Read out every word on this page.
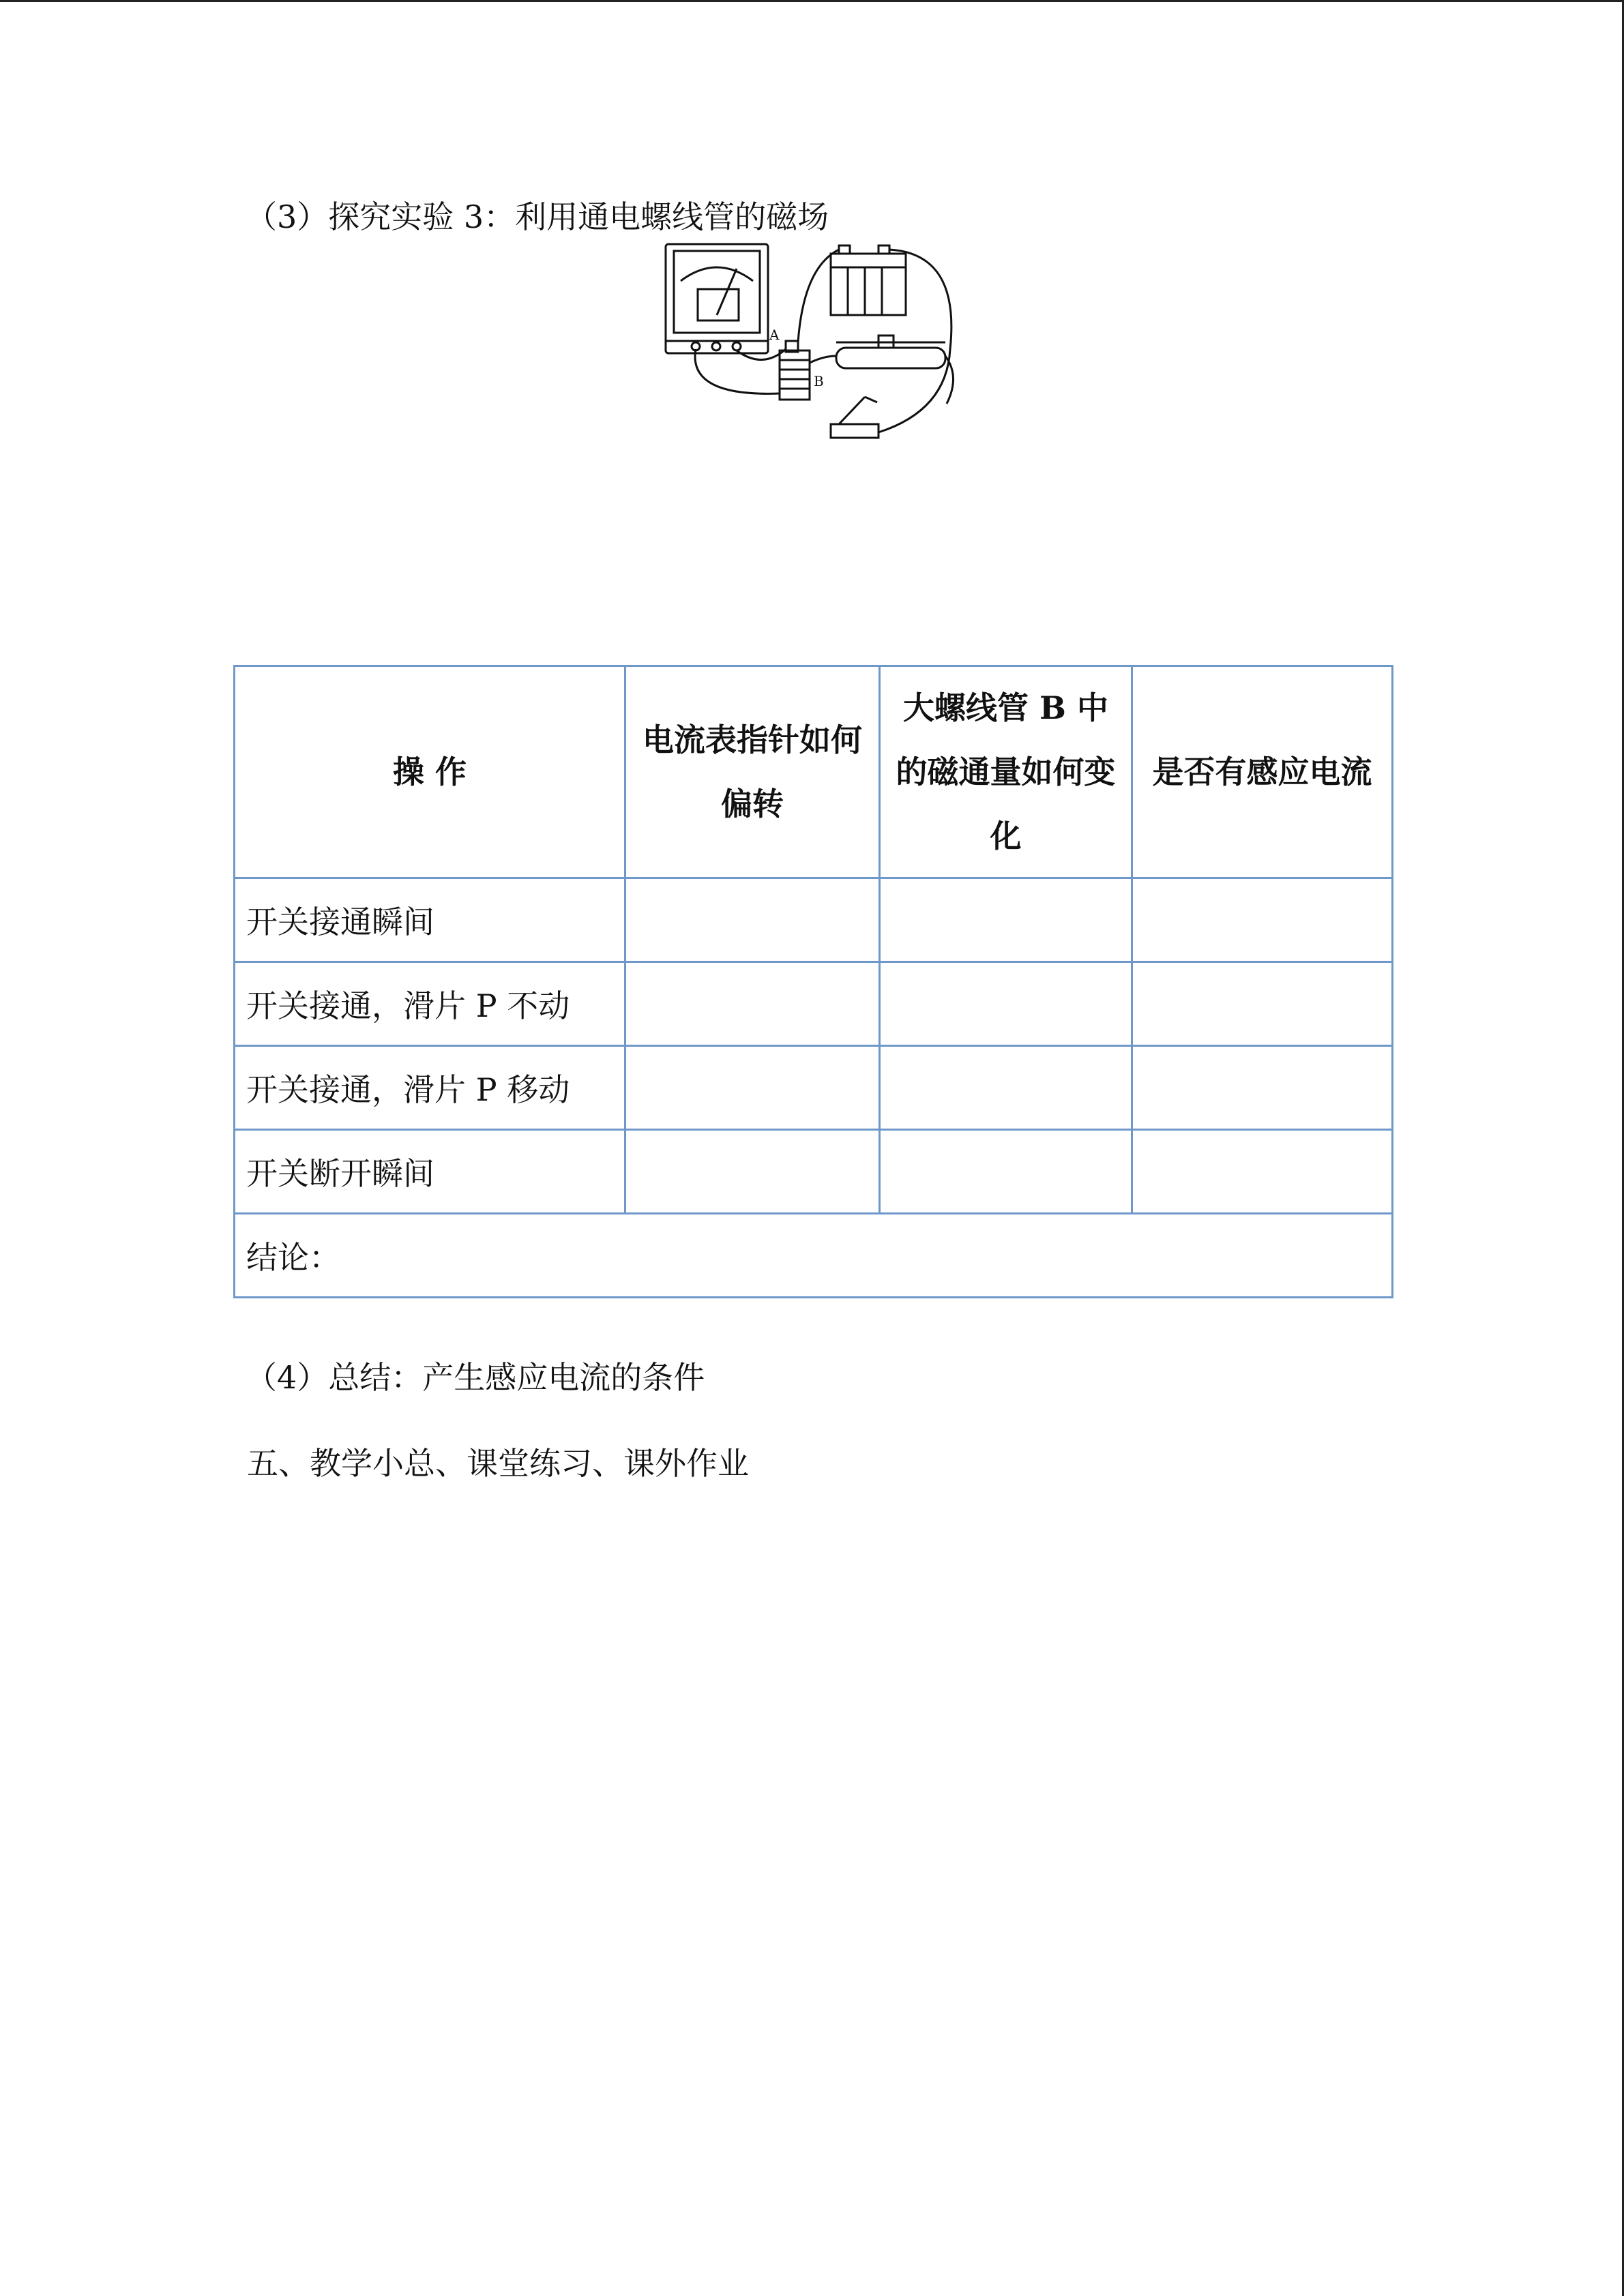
（3）探究实验 3：利用通电螺线管的磁场
A
B
操 作	电流表指针如何偏转	大螺线管 B 中的磁通量如何变化	是否有感应电流
开关接通瞬间			
开关接通，滑片 P 不动			
开关接通，滑片 P 移动			
开关断开瞬间			
结论：			
（4）总结：产生感应电流的条件
五、教学小总、课堂练习、课外作业
